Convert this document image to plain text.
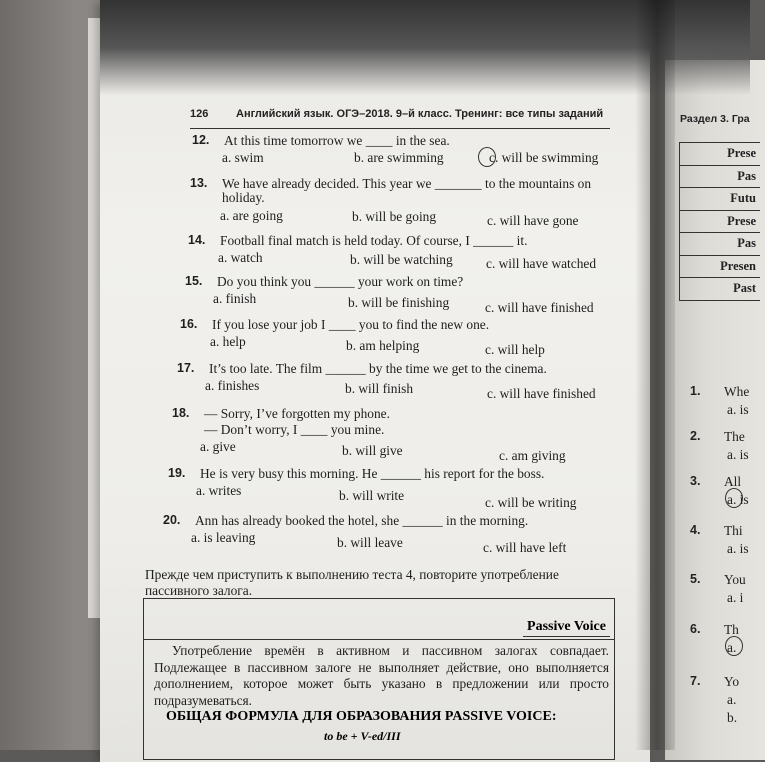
126	Английский язык. ОГЭ–2018. 9–й класс. Тренинг: все типы заданий
12. At this time tomorrow we ____ in the sea.
a. swim	b. are swimming	c. will be swimming
13. We have already decided. This year we _______ to the mountains on
holiday.
a. are going	b. will be going	c. will have gone
14. Football final match is held today. Of course, I ______ it.
a. watch	b. will be watching c. will have watched
15. Do you think you ______ your work on time?
a. finish	b. will be finishing	c. will have finished
16. If you lose your job I ____ you to find the new one.
a. help	b. am helping	c. will help
17. It’s too late. The film ______ by the time we get to the cinema.
a. finishes	b. will finish	c. will have finished
18. — Sorry, I’ve forgotten my phone.
— Don’t worry, I ____ you mine.
a. give	b. will give	c. am giving
19. He is very busy this morning. He ______ his report for the boss.
a. writes	b. will write	c. will be writing
20. Ann has already booked the hotel, she ______ in the morning.
a. is leaving	b. will leave	c. will have left
Прежде чем приступить к выполнению теста 4, повторите употребление пассивного залога.
Passive Voice
Употребление времён в активном и пассивном залогах совпадает. Подлежащее в пассивном залоге не выполняет действие, оно выполняется дополнением, которое может быть указано в предложении или просто подразумеваться.
ОБЩАЯ ФОРМУЛА ДЛЯ ОБРАЗОВАНИЯ PASSIVE VOICE:
to be + V-ed/III
Раздел 3. Гра
Prese
Pas
Futu
Prese
Pas
Presen
Past
1. Whe
a. is
2. The
a. is
3. All
a. is
4. Thi
a. is
5. You
a. i
6. Th
a.
7. Yo
a.
b.
